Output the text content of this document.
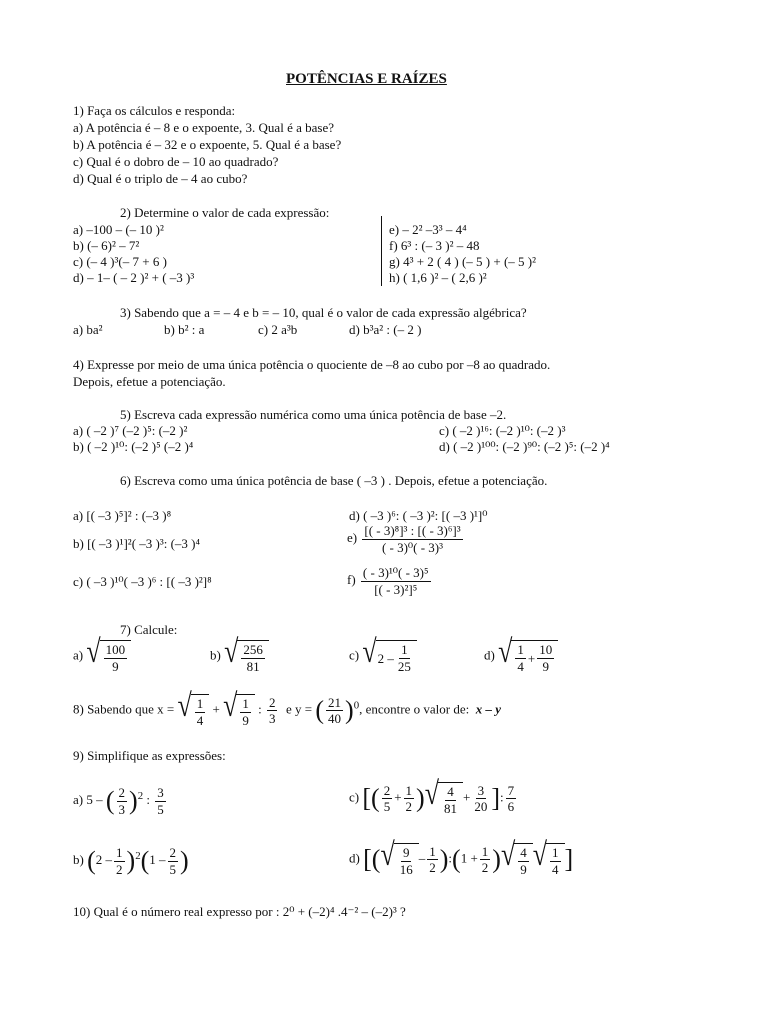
POTÊNCIAS E RAÍZES
1) Faça os cálculos e responda:
a) A potência é – 8 e o expoente, 3. Qual é a base?
b) A potência é – 32 e o expoente, 5. Qual é a base?
c) Qual é o dobro de – 10 ao quadrado?
d) Qual é o triplo de – 4 ao cubo?
2) Determine o valor de cada expressão:
a) –100 – (– 10 )²
b) (– 6)² – 7²
c) (– 4 )³(– 7 + 6 )
d) – 1– ( – 2 )² + ( –3 )³
e) – 2² –3³ – 4⁴
f) 6³ : (– 3 )² – 48
g) 4³ + 2 ( 4 ) (– 5 ) + (– 5 )²
h) ( 1,6 )² – ( 2,6 )²
3) Sabendo que a = – 4 e b = – 10, qual é o valor de cada expressão algébrica?
a) ba²	b) b² : a	c) 2 a³b	d) b³a² : (– 2 )
4) Expresse por meio de uma única potência o quociente de –8 ao cubo por –8 ao quadrado.
Depois, efetue a potenciação.
5) Escreva cada expressão numérica como uma única potência de base –2.
a) ( –2 )⁷ (–2 )⁵: (–2 )²
b) ( –2 )¹⁰: (–2 )⁵ (–2 )⁴
c) ( –2 )¹⁶: (–2 )¹⁰: (–2 )³
d) ( –2 )¹⁰⁰: (–2 )⁹⁰: (–2 )⁵: (–2 )⁴
6) Escreva como uma única potência de base ( –3 ) . Depois, efetue a potenciação.
a) [( –3 )⁵]² : (–3 )⁸
b) [( –3 )¹]²( –3 )³: (–3 )⁴
c) ( –3 )¹⁰( –3 )⁶ : [( –3 )²]⁸
d) ( –3 )⁶: ( –3 )²: [( –3 )¹]⁰
$e) \frac{\text{[( - 3)⁸]³ : [( - 3)⁶]³}}{\text{( - 3)⁰( - 3)³}}$
$f) \frac{\text{( - 3)¹⁰( - 3)⁵}}{\text{[( - 3)²]⁵}}$
7) Calcule:
a) √ $\frac{100}{9}$	b) √ $\frac{256}{81}$	c) √ $2 - \frac{1}{25}$	d) √ $\frac{1}{4} + \frac{10}{9}$
8) Sabendo que x = √ $\frac{1}{4}$ + √ $\frac{1}{9}$ : $\frac{2}{3}$ e y = ( $\frac{21}{40} )^0$, encontre o valor de: x – y
9) Simplifique as expressões:
a) 5 – ( $\frac{2}{3} )^2$ : $\frac{3}{5}$	c) [( $\frac{2}{5} + \frac{1}{2}$ ) √ $\frac{4}{81} + \frac{3}{20}$ ]: $\frac{7}{6}$
b) $(2 - \frac{1}{2} )^2(1 - \frac{2}{5}$ )	d) [( √ $\frac{9}{16} - \frac{1}{2}$ ):(1 + $\frac{1}{2}$ ) √ $\frac{4}{9}$ √ $\frac{1}{4}$ ]
10) Qual é o número real expresso por : 2⁰ + (–2)⁴ .4⁻² – (–2)³ ?
